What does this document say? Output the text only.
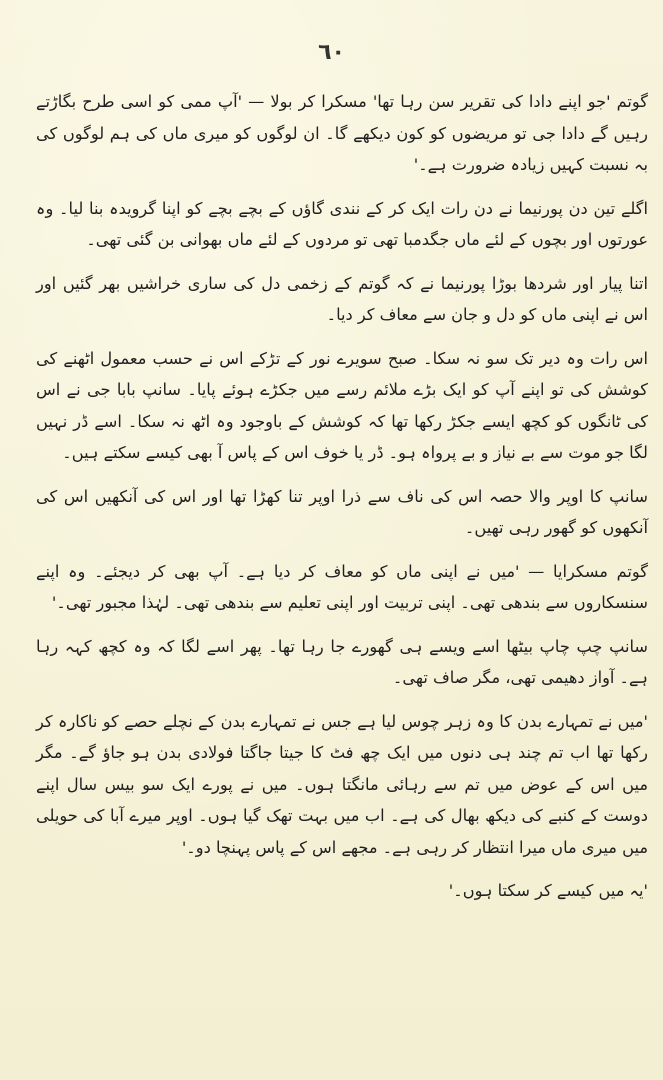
٦٠

گوتم 'جو اپنے دادا کی تقریر سن رہا تھا' مسکرا کر بولا — 'آپ ممی کو اسی طرح بگاڑتے رہیں گے دادا جی تو مریضوں کو کون دیکھے گا۔ ان لوگوں کو میری ماں کی ہم لوگوں کی بہ نسبت کہیں زیادہ ضرورت ہے۔'

اگلے تین دن پورنیما نے دن رات ایک کر کے نندی گاؤں کے بچے بچے کو اپنا گرویدہ بنا لیا۔ وہ عورتوں اور بچوں کے لئے ماں جگدمبا تھی تو مردوں کے لئے ماں بھوانی بن گئی تھی۔

اتنا پیار اور شردھا بوڑا پورنیما نے کہ گوتم کے زخمی دل کی ساری خراشیں بھر گئیں اور اس نے اپنی ماں کو دل و جان سے معاف کر دیا۔

اس رات وہ دیر تک سو نہ سکا۔ صبح سویرے نور کے تڑکے اس نے حسب معمول اٹھنے کی کوشش کی تو اپنے آپ کو ایک بڑے ملائم رسے میں جکڑے ہوئے پایا۔ سانپ بابا جی نے اس کی ٹانگوں کو کچھ ایسے جکڑ رکھا تھا کہ کوشش کے باوجود وہ اٹھ نہ سکا۔ اسے ڈر نہیں لگا جو موت سے بے نیاز و بے پرواہ ہو۔ ڈر یا خوف اس کے پاس آ بھی کیسے سکتے ہیں۔

سانپ کا اوپر والا حصہ اس کی ناف سے ذرا اوپر تنا کھڑا تھا اور اس کی آنکھیں اس کی آنکھوں کو گھور رہی تھیں۔

گوتم مسکرایا — 'میں نے اپنی ماں کو معاف کر دیا ہے۔ آپ بھی کر دیجئے۔ وہ اپنے سنسکاروں سے بندھی تھی۔ اپنی تربیت اور اپنی تعلیم سے بندھی تھی۔ لہٰذا مجبور تھی۔'

سانپ چپ چاپ بیٹھا اسے ویسے ہی گھورے جا رہا تھا۔ پھر اسے لگا کہ وہ کچھ کہہ رہا ہے۔ آواز دھیمی تھی، مگر صاف تھی۔

'میں نے تمہارے بدن کا وہ زہر چوس لیا ہے جس نے تمہارے بدن کے نچلے حصے کو ناکارہ کر رکھا تھا اب تم چند ہی دنوں میں ایک چھ فٹ کا جیتا جاگتا فولادی بدن ہو جاؤ گے۔ مگر میں اس کے عوض میں تم سے رہائی مانگتا ہوں۔ میں نے پورے ایک سو بیس سال اپنے دوست کے کنبے کی دیکھ بھال کی ہے۔ اب میں بہت تھک گیا ہوں۔ اوپر میرے آبا کی حویلی میں میری ماں میرا انتظار کر رہی ہے۔ مجھے اس کے پاس پہنچا دو۔'

'یہ میں کیسے کر سکتا ہوں۔'
